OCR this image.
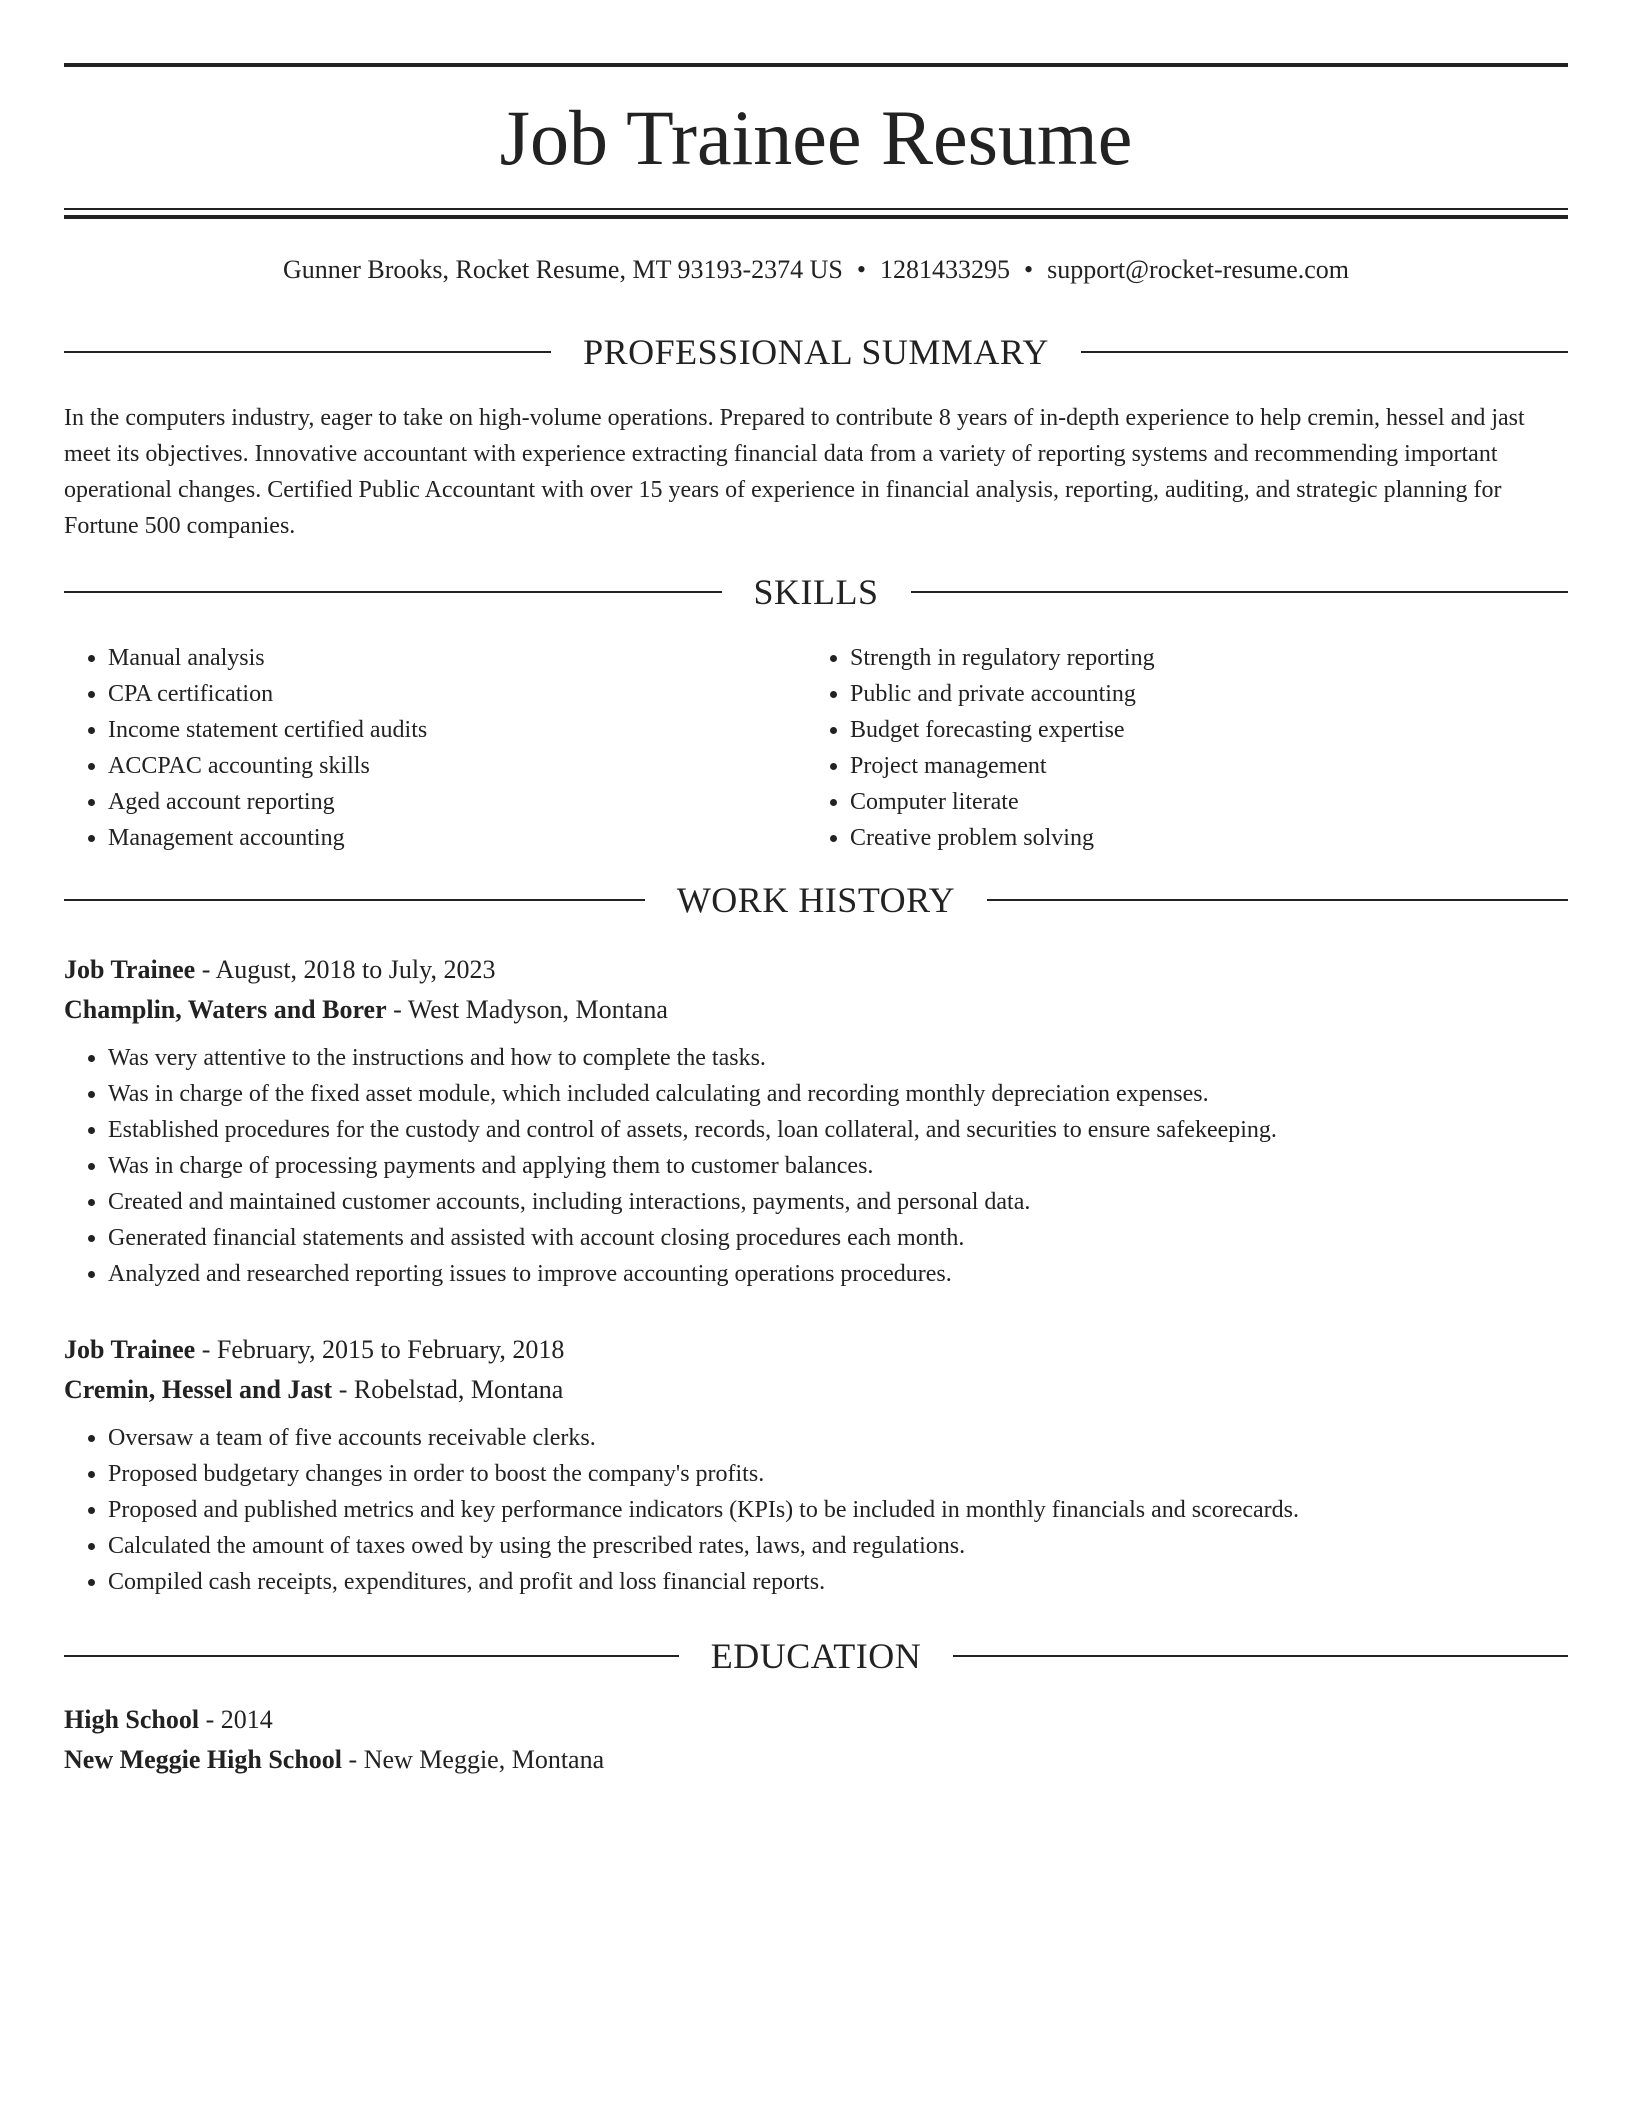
Job Trainee Resume
Gunner Brooks, Rocket Resume, MT 93193-2374 US • 1281433295 • support@rocket-resume.com
PROFESSIONAL SUMMARY

In the computers industry, eager to take on high-volume operations. Prepared to contribute 8 years of in-depth experience to help cremin, hessel and jast meet its objectives. Innovative accountant with experience extracting financial data from a variety of reporting systems and recommending important operational changes. Certified Public Accountant with over 15 years of experience in financial analysis, reporting, auditing, and strategic planning for Fortune 500 companies.

SKILLS
• Manual analysis
• CPA certification
• Income statement certified audits
• ACCPAC accounting skills
• Aged account reporting
• Management accounting
• Strength in regulatory reporting
• Public and private accounting
• Budget forecasting expertise
• Project management
• Computer literate
• Creative problem solving
WORK HISTORY
Job Trainee - August, 2018 to July, 2023
Champlin, Waters and Borer - West Madyson, Montana
• Was very attentive to the instructions and how to complete the tasks.
• Was in charge of the fixed asset module, which included calculating and recording monthly depreciation expenses.
• Established procedures for the custody and control of assets, records, loan collateral, and securities to ensure safekeeping.
• Was in charge of processing payments and applying them to customer balances.
• Created and maintained customer accounts, including interactions, payments, and personal data.
• Generated financial statements and assisted with account closing procedures each month.
• Analyzed and researched reporting issues to improve accounting operations procedures.
Job Trainee - February, 2015 to February, 2018
Cremin, Hessel and Jast - Robelstad, Montana
• Oversaw a team of five accounts receivable clerks.
• Proposed budgetary changes in order to boost the company's profits.
• Proposed and published metrics and key performance indicators (KPIs) to be included in monthly financials and scorecards.
• Calculated the amount of taxes owed by using the prescribed rates, laws, and regulations.
• Compiled cash receipts, expenditures, and profit and loss financial reports.
EDUCATION
High School - 2014
New Meggie High School - New Meggie, Montana
